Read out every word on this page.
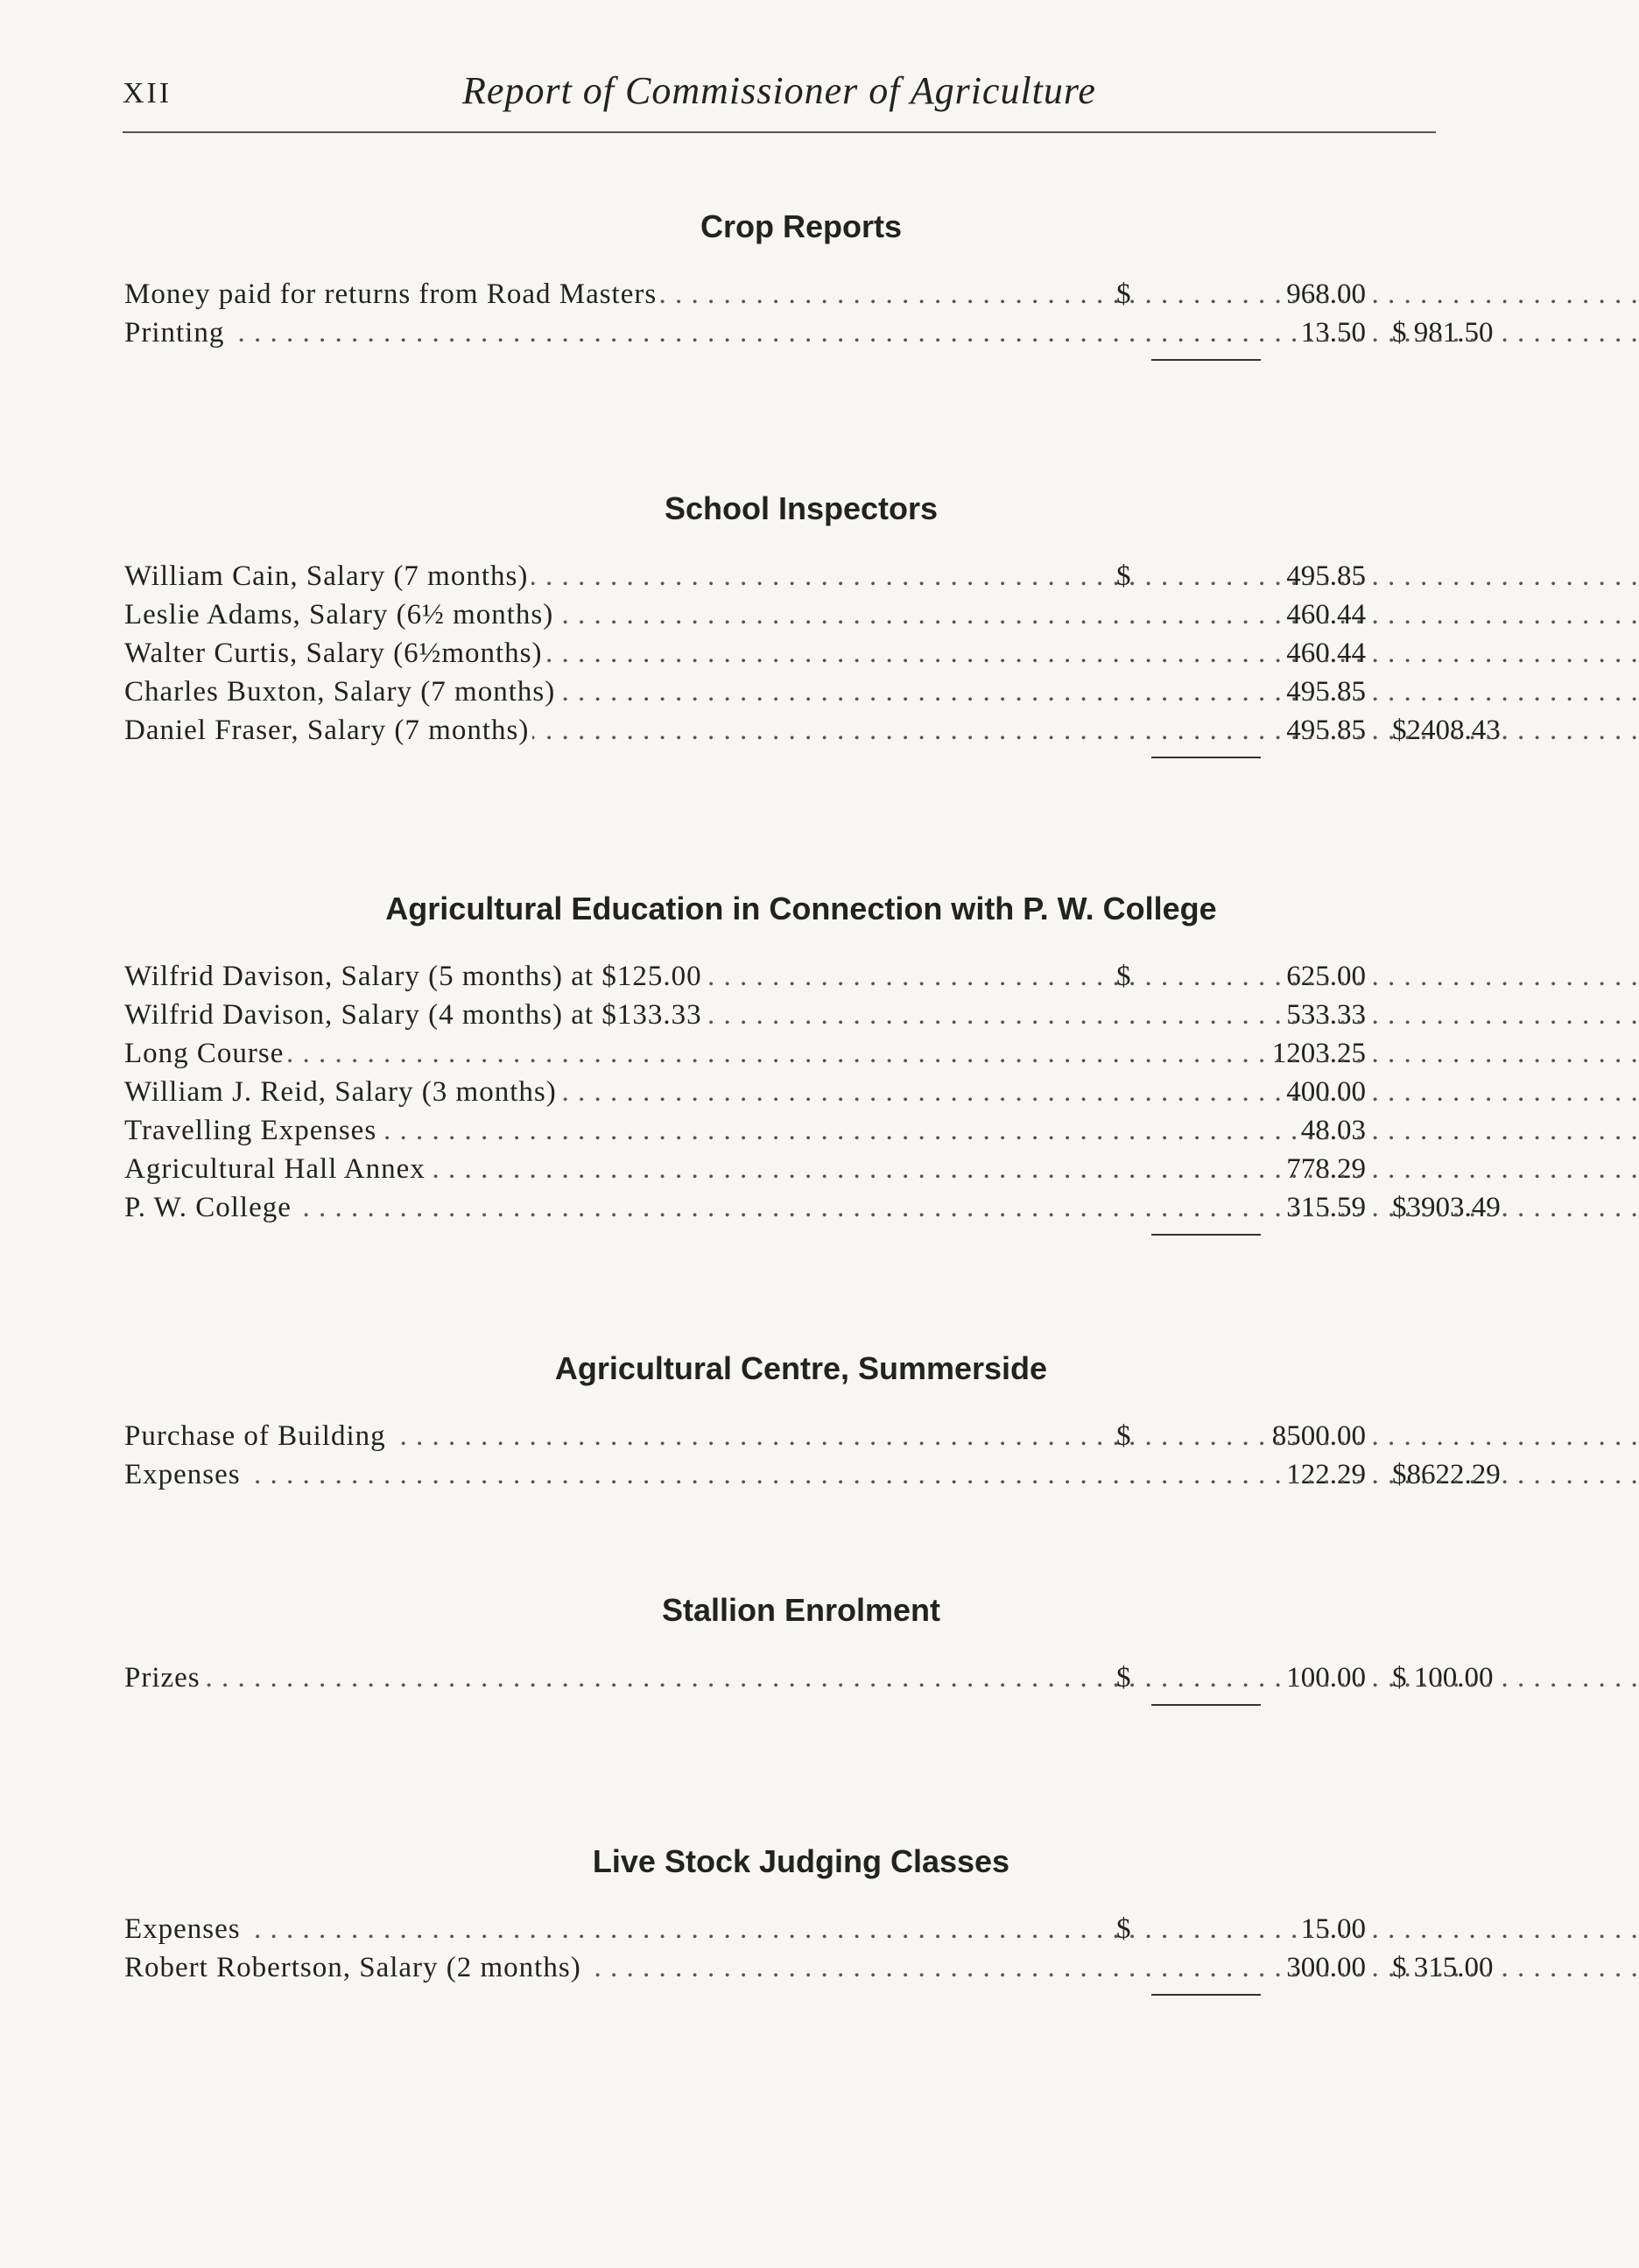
XII	Report of Commissioner of Agriculture
Crop Reports
Money paid for returns from Road Masters . . .	$	968.00
Printing . . .	13.50 $ 981.50
School Inspectors
William Cain, Salary (7 months) . . .	$	495.85
Leslie Adams, Salary (6½ months) . . .	460.44
Walter Curtis, Salary (6½months) . . .	460.44
Charles Buxton, Salary (7 months) . . .	495.85
Daniel Fraser, Salary (7 months) . . .	495.85 $2408.43
Agricultural Education in Connection with P. W. College
Wilfrid Davison, Salary (5 months) at $125.00 . . .	$	625.00
Wilfrid Davison, Salary (4 months) at $133.33 . . .	533.33
Long Course . . .	1203.25
William J. Reid, Salary (3 months) . . .	400.00
Travelling Expenses . . .	48.03
Agricultural Hall Annex . . .	778.29
P. W. College . . .	315.59 $3903.49
Agricultural Centre, Summerside
Purchase of Building . . .	$	8500.00
Expenses . . .	122.29 $8622.29
Stallion Enrolment
Prizes . . .	$	100.00 $ 100.00
Live Stock Judging Classes
Expenses . . .	$	15.00
Robert Robertson, Salary (2 months) . . .	300.00 $ 315.00
